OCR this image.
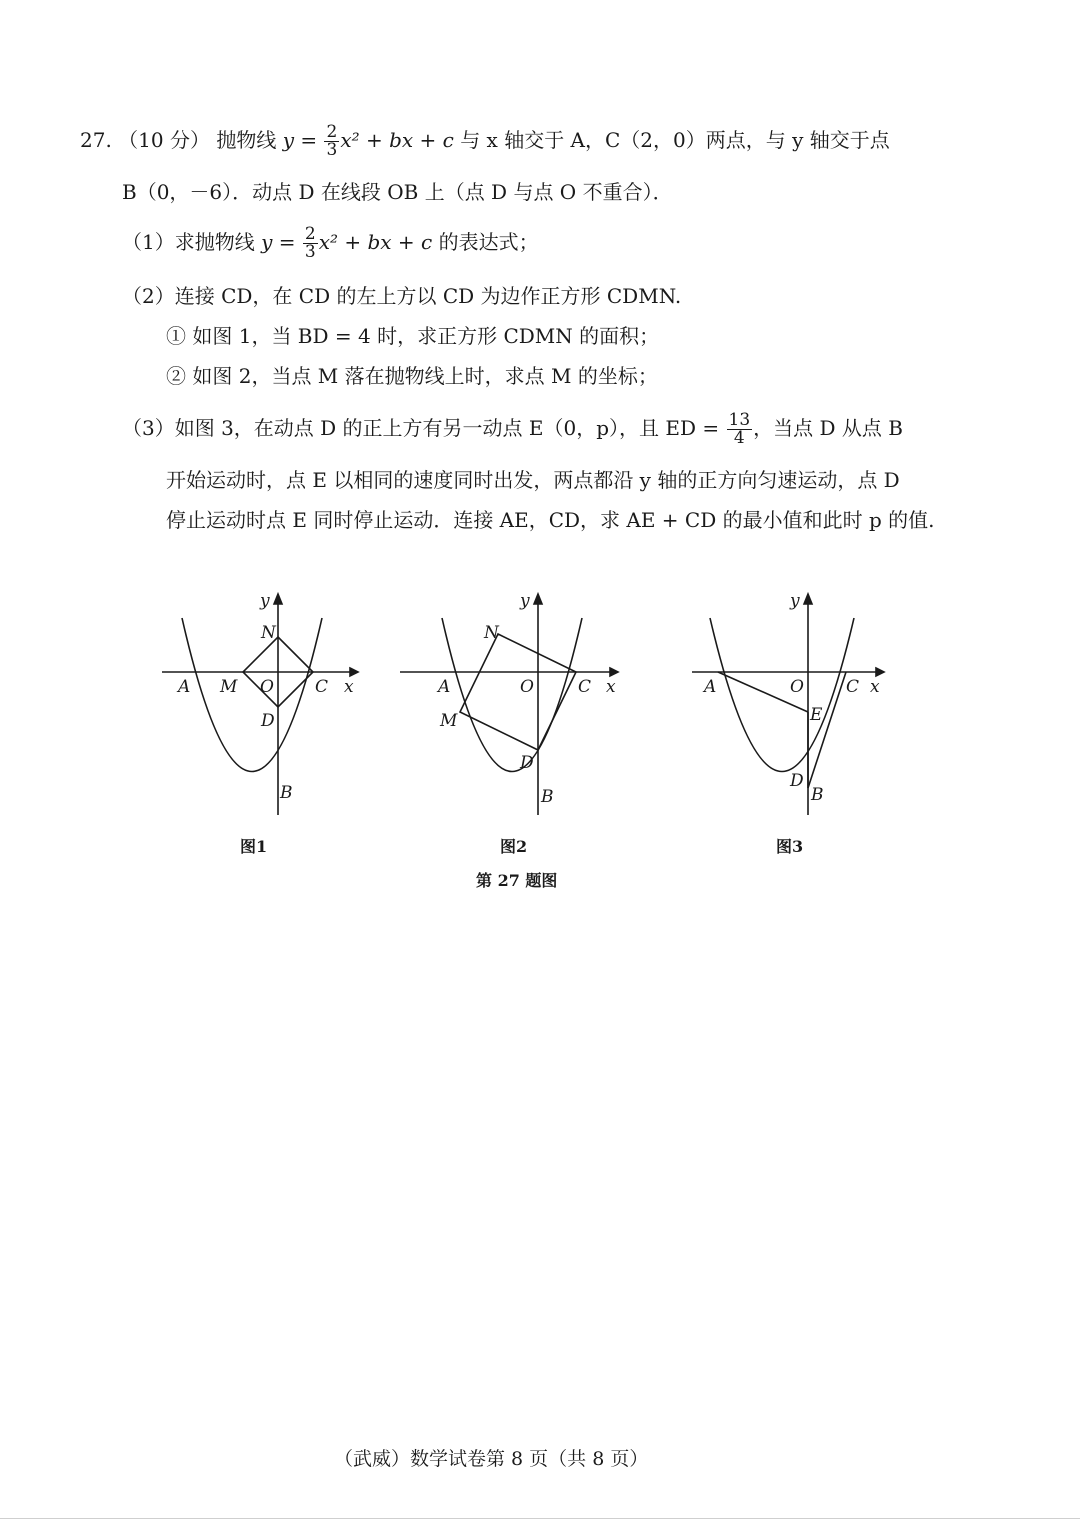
27. （10 分） 抛物线 $y = \frac{2}{3} x^2$ + bx + c 与 x 轴交于 A，C（2，0）两点，与 y 轴交于点
B（0，－6）．动点 D 在线段 OB 上（点 D 与点 O 不重合）．
（1）求抛物线 $y = \frac{2}{3} x^2$ + bx + c 的表达式；
（2）连接 CD，在 CD 的左上方以 CD 为边作正方形 CDMN.
① 如图 1，当 BD = 4 时，求正方形 CDMN 的面积；
② 如图 2，当点 M 落在抛物线上时，求点 M 的坐标；
（3）如图 3，在动点 D 的正上方有另一动点 E（0，p），且 ED = $\frac{13}{4}$ ，当点 D 从点 B
开始运动时，点 E 以相同的速度同时出发，两点都沿 y 轴的正方向匀速运动，点 D
停止运动时点 E 同时停止运动．连接 AE，CD，求 AE + CD 的最小值和此时 p 的值.
y
x
A M O C
N
D
B
图1
y
x
A
M
O	C
N
D
B
图2
y
x
A	O C
E
D
B
图3
第 27 题图
（武威）数学试卷第 8 页（共 8 页）
